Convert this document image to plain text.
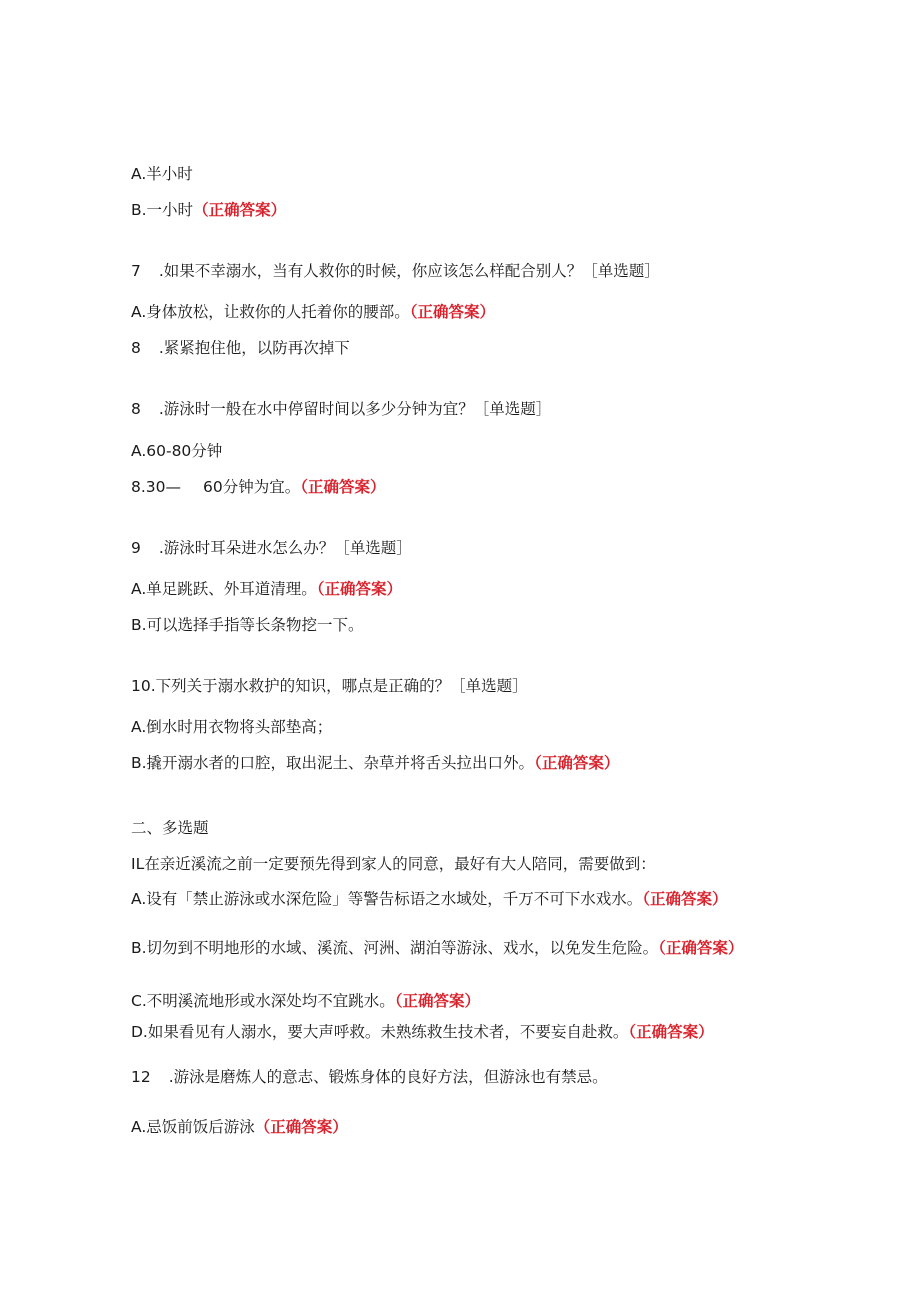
A.半小时
B.一小时（正确答案）
7 .如果不幸溺水，当有人救你的时候，你应该怎么样配合别人？［单选题］
A.身体放松，让救你的人托着你的腰部。（正确答案）
8 .紧紧抱住他，以防再次掉下
8 .游泳时一般在水中停留时间以多少分钟为宜？［单选题］
A.60-80分钟
8.30— 60分钟为宜。（正确答案）
9 .游泳时耳朵进水怎么办？［单选题］
A.单足跳跃、外耳道清理。（正确答案）
B.可以选择手指等长条物挖一下。
10.下列关于溺水救护的知识，哪点是正确的？［单选题］
A.倒水时用衣物将头部垫高；
B.撬开溺水者的口腔，取出泥土、杂草并将舌头拉出口外。（正确答案）
二、多选题
IL在亲近溪流之前一定要预先得到家人的同意，最好有大人陪同，需要做到：
A.设有「禁止游泳或水深危险」等警告标语之水域处，千万不可下水戏水。（正确答案）
B.切勿到不明地形的水域、溪流、河洲、湖泊等游泳、戏水，以免发生危险。（正确答案）
C.不明溪流地形或水深处均不宜跳水。（正确答案）
D.如果看见有人溺水，要大声呼救。未熟练救生技术者，不要妄自赴救。（正确答案）
12 .游泳是磨炼人的意志、锻炼身体的良好方法，但游泳也有禁忌。
A.忌饭前饭后游泳（正确答案）
